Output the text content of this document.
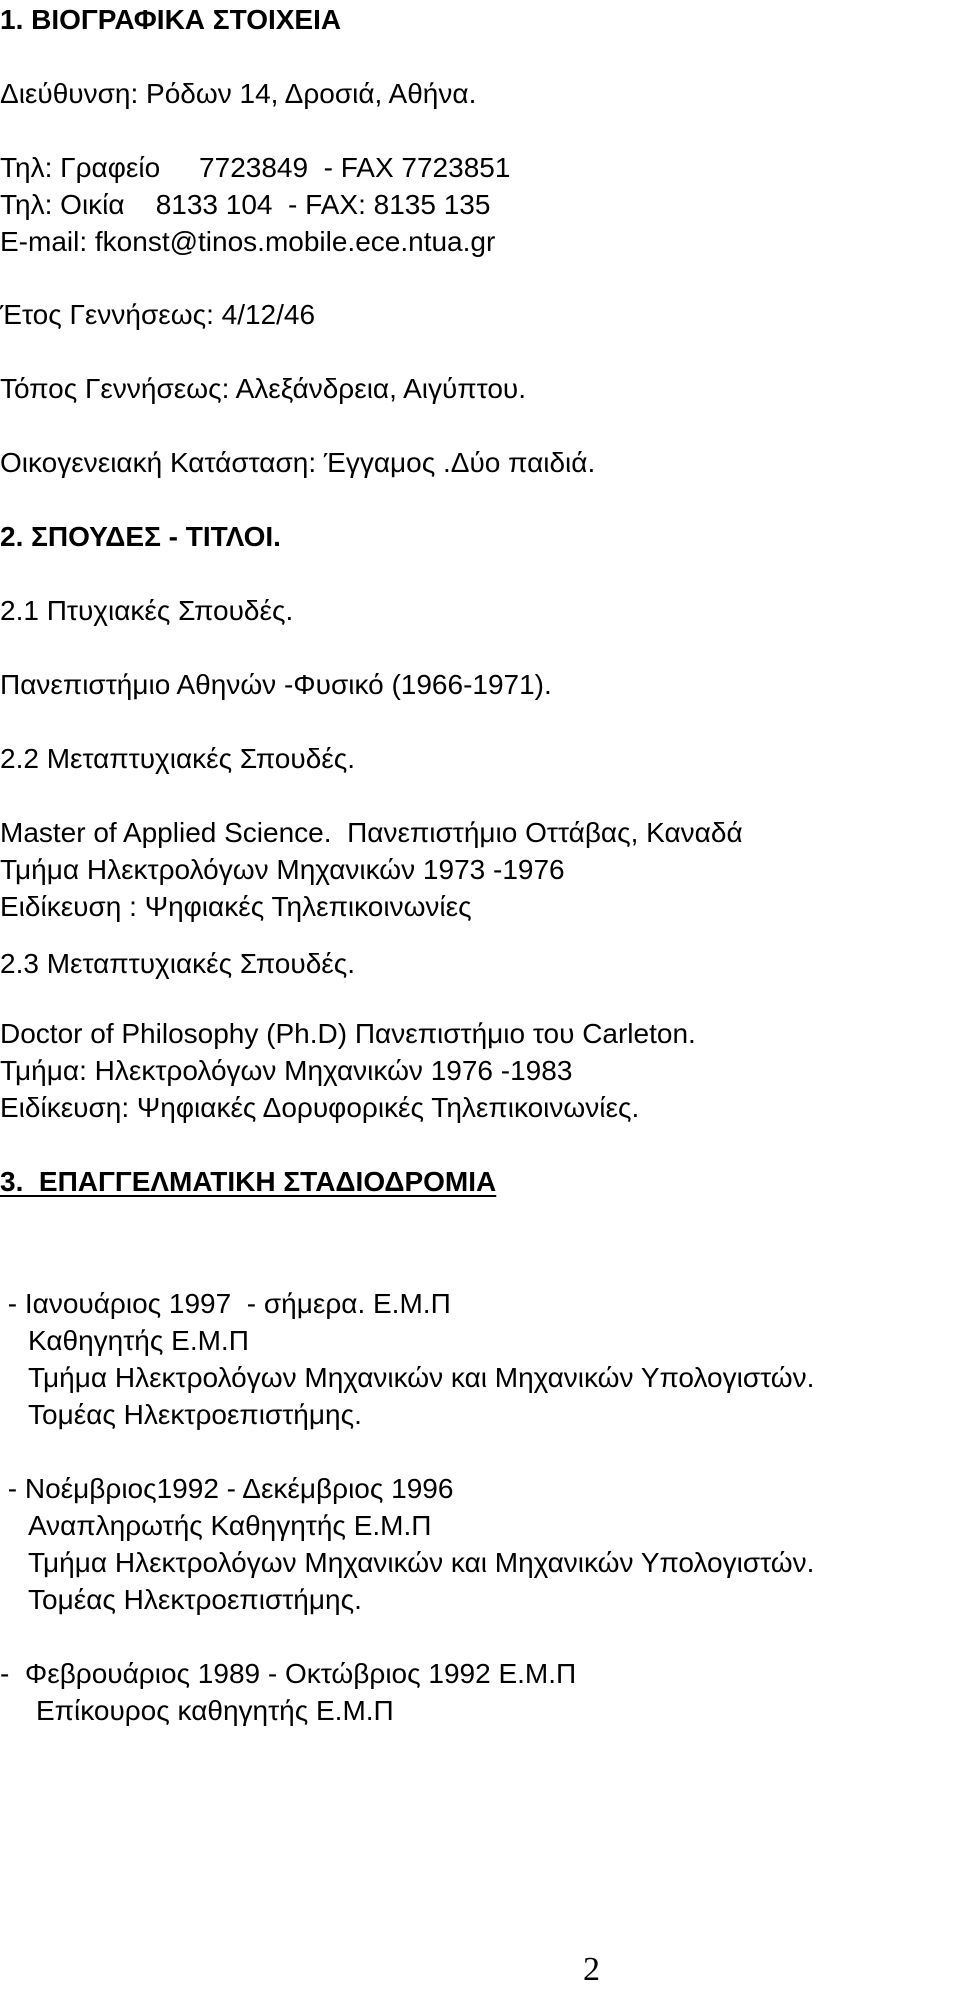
1. ΒΙΟΓΡΑΦΙΚΑ ΣΤΟΙΧΕΙΑ

Διεύθυνση: Ρόδων 14, Δροσιά, Αθήνα.

Τηλ: Γραφείο     7723849  - FAX 7723851

Τηλ: Οικία    8133 104  - FAX: 8135 135

E-mail: fkonst@tinos.mobile.ece.ntua.gr

Έτος Γεννήσεως: 4/12/46

Τόπος Γεννήσεως: Αλεξάνδρεια, Αιγύπτου.

Οικογενειακή Κατάσταση: Έγγαμος .Δύο παιδιά.

2. ΣΠΟΥΔΕΣ - ΤΙΤΛΟΙ.

2.1 Πτυχιακές Σπουδές.

Πανεπιστήμιο Αθηνών -Φυσικό (1966-1971).

2.2 Μεταπτυχιακές Σπουδές.

Master of Applied Science.  Πανεπιστήμιο Οττάβας, Καναδά

Τμήμα Ηλεκτρολόγων Μηχανικών 1973 -1976

Ειδίκευση : Ψηφιακές Τηλεπικοινωνίες

2.3 Μεταπτυχιακές Σπουδές.

Doctor of Philosophy (Ph.D) Πανεπιστήμιο του Carleton.

Τμήμα: Ηλεκτρολόγων Μηχανικών 1976 -1983

Ειδίκευση: Ψηφιακές Δορυφορικές Τηλεπικοινωνίες.

3.  ΕΠΑΓΓΕΛΜΑΤΙΚΗ ΣΤΑΔΙΟΔΡΟΜΙΑ

- Ιανουάριος 1997  - σήμερα. Ε.Μ.Π

Καθηγητής Ε.Μ.Π

Τμήμα Ηλεκτρολόγων Μηχανικών και Μηχανικών Υπολογιστών.

Τομέας Ηλεκτροεπιστήμης.

- Νοέμβριος1992 - Δεκέμβριος 1996

Αναπληρωτής Καθηγητής Ε.Μ.Π

Τμήμα Ηλεκτρολόγων Μηχανικών και Μηχανικών Υπολογιστών.

Τομέας Ηλεκτροεπιστήμης.

-  Φεβρουάριος 1989 - Οκτώβριος 1992 Ε.Μ.Π

Επίκουρος καθηγητής Ε.Μ.Π

2
